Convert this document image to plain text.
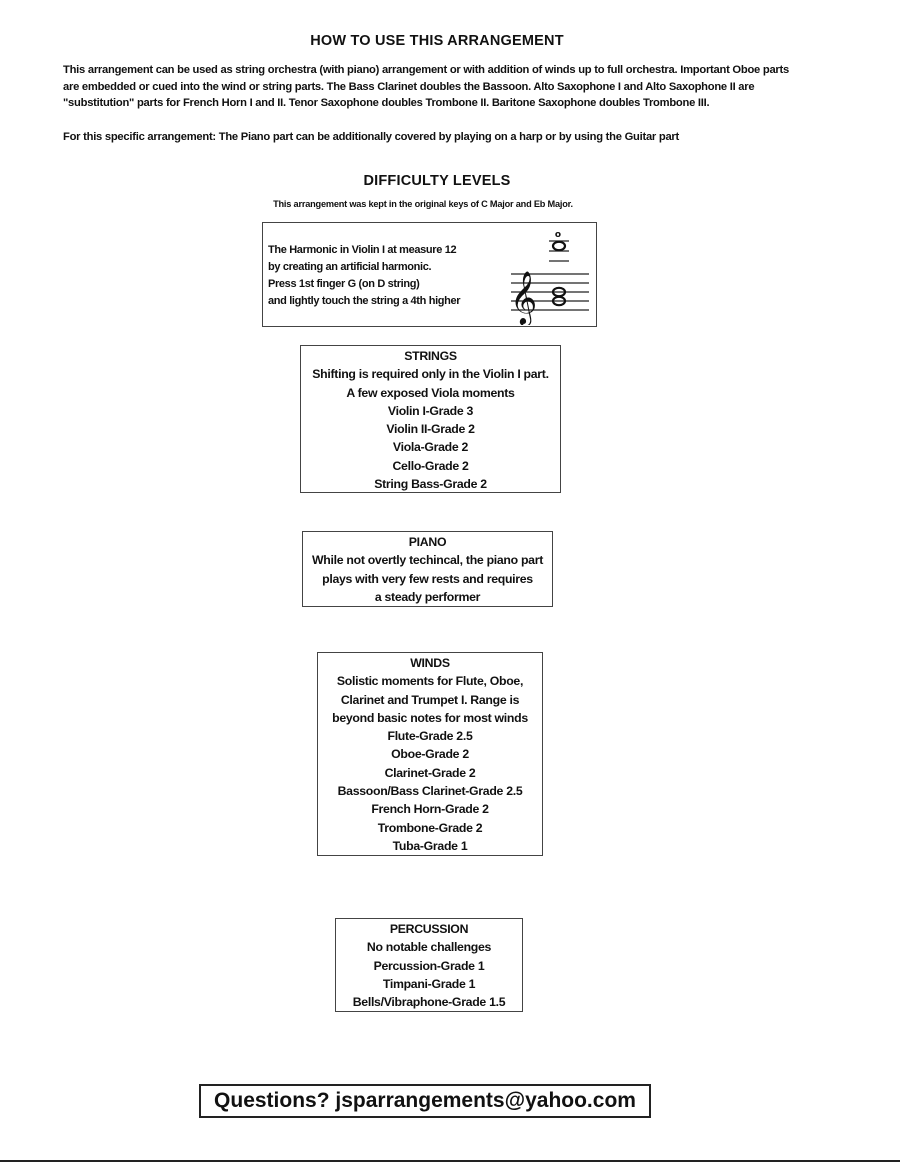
HOW TO USE THIS ARRANGEMENT
This arrangement can be used as string orchestra (with piano) arrangement or with addition of winds up to full orchestra. Important Oboe parts
are embedded or cued into the wind or string parts. The Bass Clarinet doubles the Bassoon. Alto Saxophone I and Alto Saxophone II are
"substitution" parts for French Horn I and II. Tenor Saxophone doubles Trombone II. Baritone Saxophone doubles Trombone III.
For this specific arrangement: The Piano part can be additionally covered by playing on a harp or by using the Guitar part
DIFFICULTY LEVELS
This arrangement was kept in the original keys of C Major and Eb Major.
The Harmonic in Violin I at measure 12
by creating an artificial harmonic.
Press 1st finger G (on D string)
and lightly touch the string a 4th higher	𝄞
o
STRINGS
Shifting is required only in the Violin I part.
A few exposed Viola moments
Violin I-Grade 3
Violin II-Grade 2
Viola-Grade 2
Cello-Grade 2
String Bass-Grade 2
PIANO
While not overtly techincal, the piano part
plays with very few rests and requires
a steady performer
WINDS
Solistic moments for Flute, Oboe,
Clarinet and Trumpet I. Range is
beyond basic notes for most winds
Flute-Grade 2.5
Oboe-Grade 2
Clarinet-Grade 2
Bassoon/Bass Clarinet-Grade 2.5
French Horn-Grade 2
Trombone-Grade 2
Tuba-Grade 1
PERCUSSION
No notable challenges
Percussion-Grade 1
Timpani-Grade 1
Bells/Vibraphone-Grade 1.5
Questions? jsparrangements@yahoo.com
